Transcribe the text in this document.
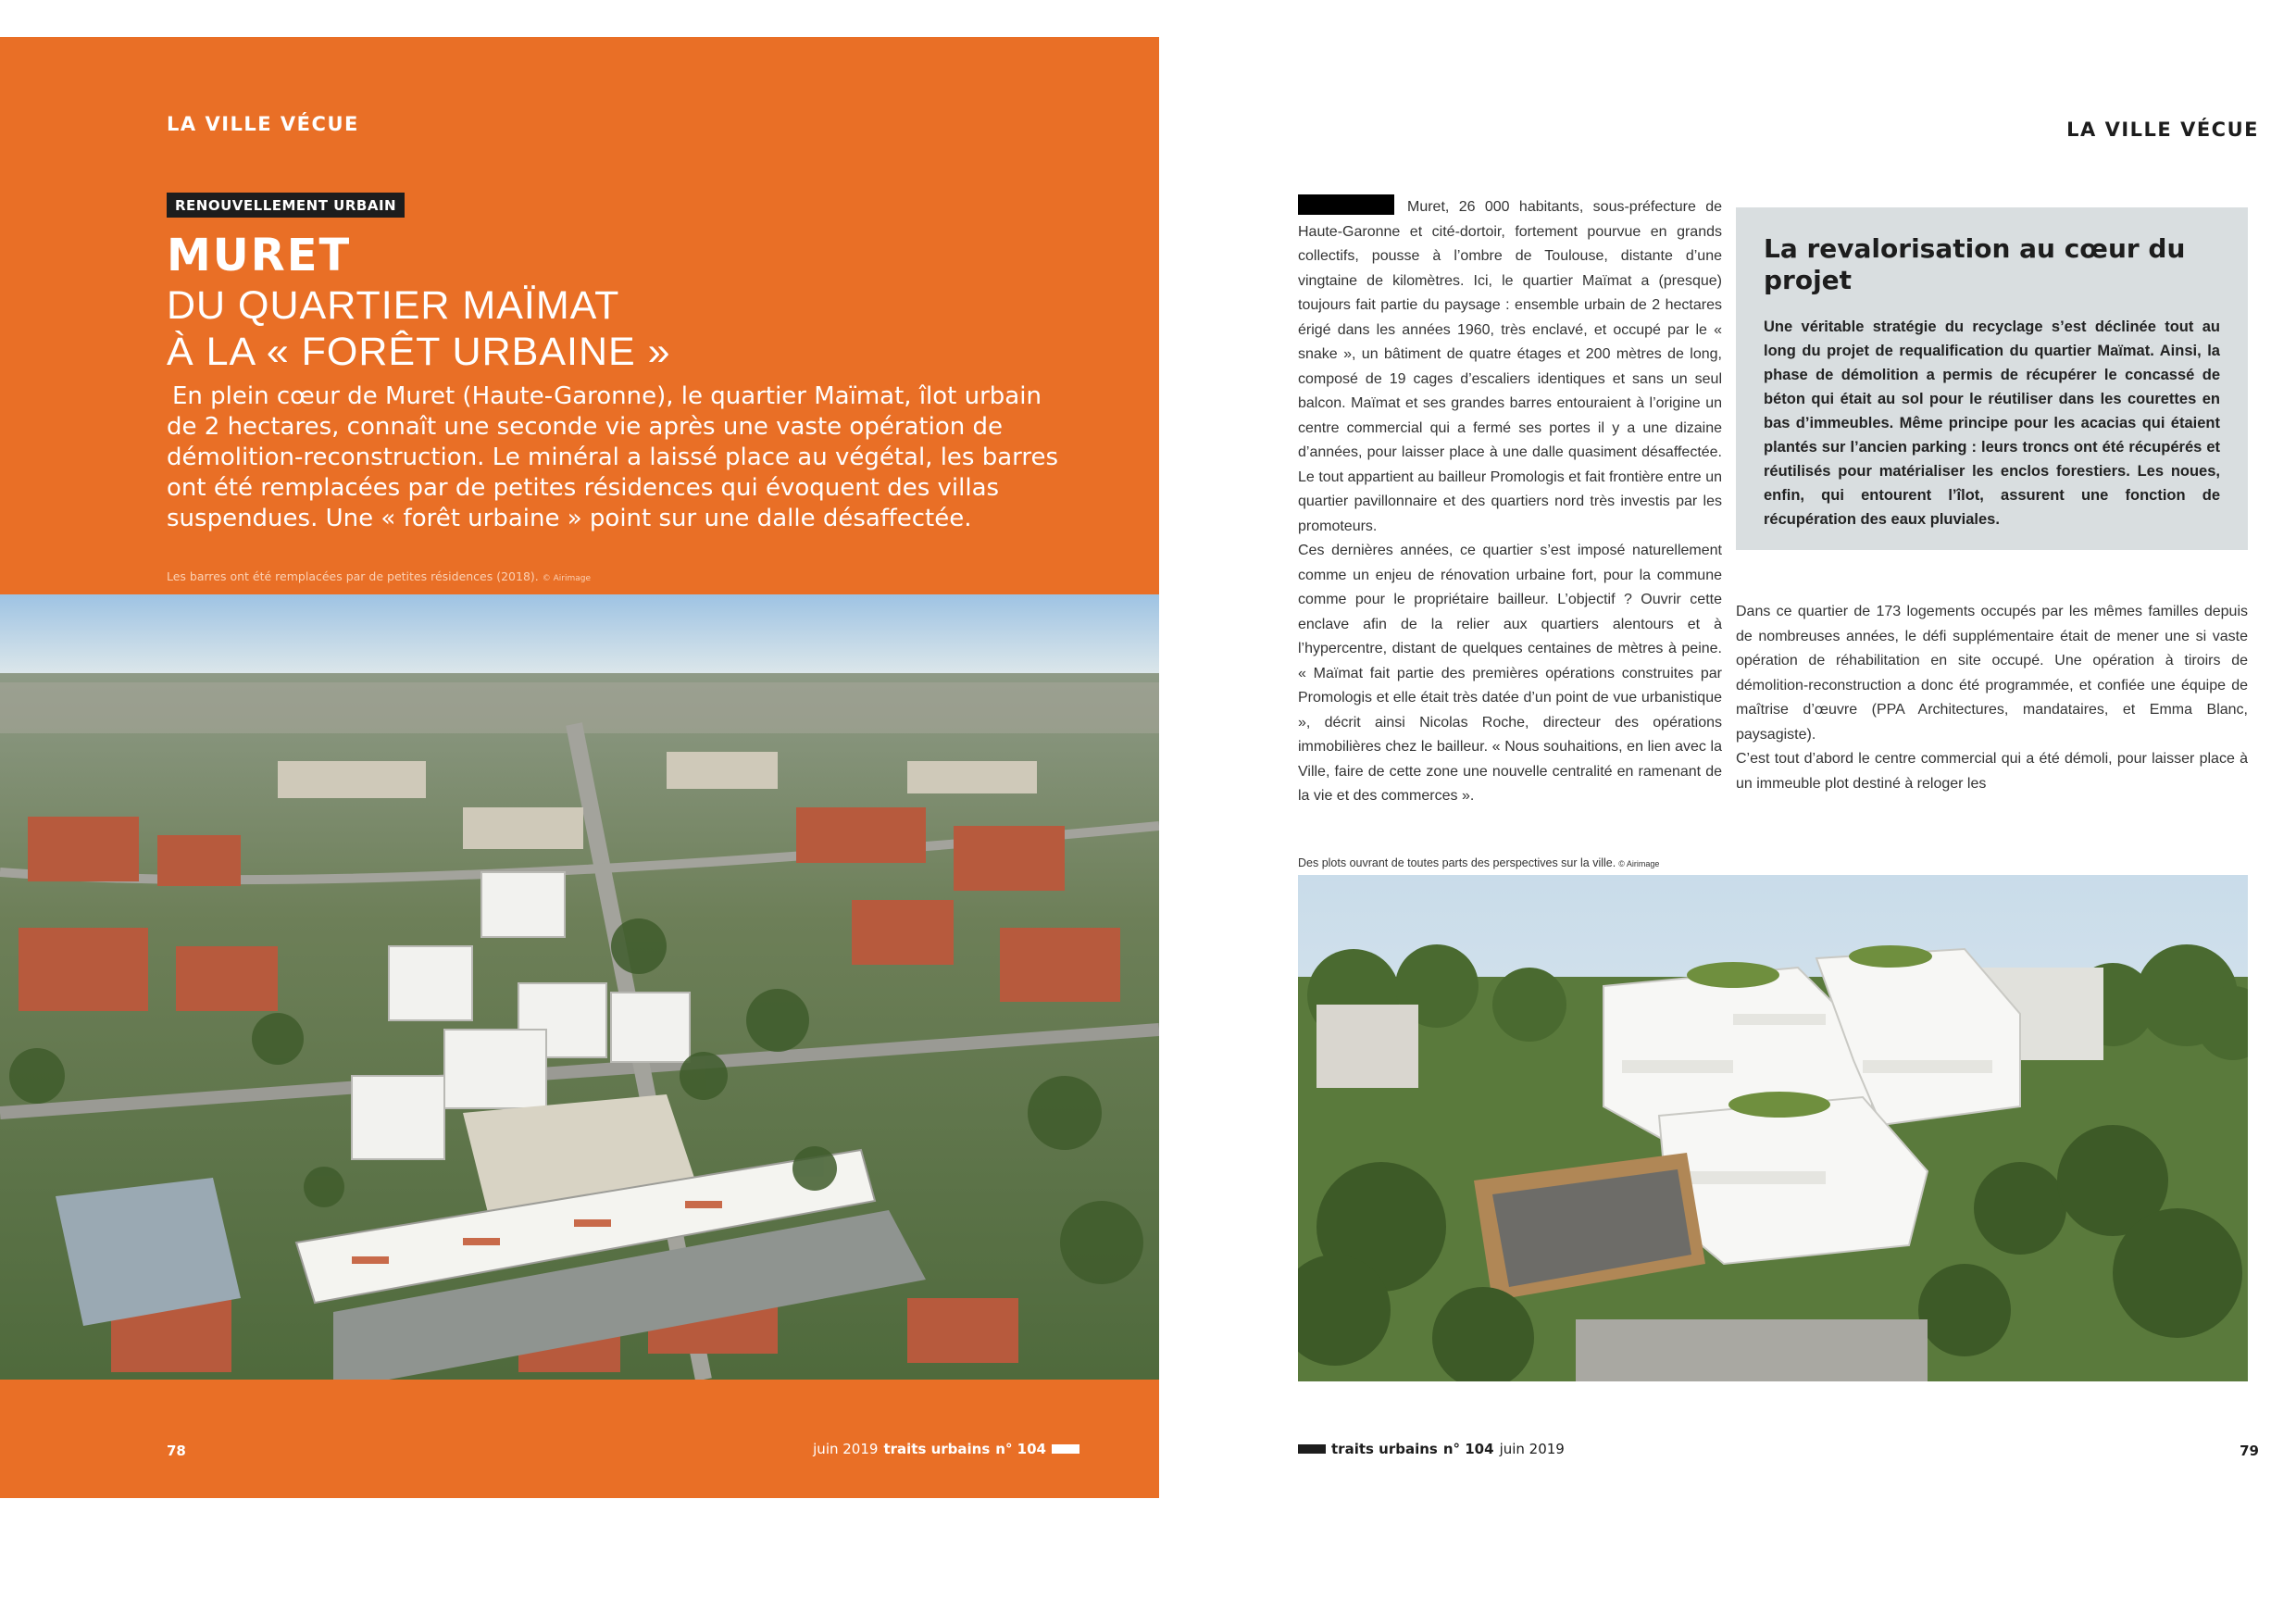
LA VILLE VÉCUE
RENOUVELLEMENT URBAIN
MURET
DU QUARTIER MAÏMAT
À LA « FORÊT URBAINE »

En plein cœur de Muret (Haute-Garonne), le quartier Maïmat, îlot urbain

de 2 hectares, connaît une seconde vie après une vaste opération de

démolition-reconstruction. Le minéral a laissé place au végétal, les barres

ont été remplacées par de petites résidences qui évoquent des villas

suspendues. Une « forêt urbaine » point sur une dalle désaffectée.

Les barres ont été remplacées par de petites résidences (2018). © Airimage
78	juin 2019 traits urbains n° 104
LA VILLE VÉCUE

Muret, 26 000 habitants, sous-préfecture de Haute-Garonne et cité-dortoir, fortement pourvue en grands collectifs, pousse à l’ombre de Toulouse, distante d’une vingtaine de kilomètres. Ici, le quartier Maïmat a (presque) toujours fait partie du paysage : ensemble urbain de 2 hectares érigé dans les années 1960, très enclavé, et occupé par le « snake », un bâtiment de quatre étages et 200 mètres de long, composé de 19 cages d’escaliers identiques et sans un seul balcon. Maïmat et ses grandes barres entouraient à l’origine un centre commercial qui a fermé ses portes il y a une dizaine d’années, pour laisser place à une dalle quasiment désaffectée. Le tout appartient au bailleur Promologis et fait frontière entre un quartier pavillonnaire et des quartiers nord très investis par les promoteurs.

Ces dernières années, ce quartier s’est imposé naturellement comme un enjeu de rénovation urbaine fort, pour la commune comme pour le propriétaire bailleur. L’objectif ? Ouvrir cette enclave afin de la relier aux quartiers alentours et à l’hypercentre, distant de quelques centaines de mètres à peine. « Maïmat fait partie des premières opérations construites par Promologis et elle était très datée d’un point de vue urbanistique », décrit ainsi Nicolas Roche, directeur des opérations immobilières chez le bailleur. « Nous souhaitions, en lien avec la Ville, faire de cette zone une nouvelle centralité en ramenant de la vie et des commerces ».

La revalorisation au cœur du projet
Une véritable stratégie du recyclage s’est déclinée tout au long du projet de requalification du quartier Maïmat. Ainsi, la phase de démolition a permis de récupérer le concassé de béton qui était au sol pour le réutiliser dans les courettes en bas d’immeubles. Même principe pour les acacias qui étaient plantés sur l’ancien parking : leurs troncs ont été récupérés et réutilisés pour matérialiser les enclos forestiers. Les noues, enfin, qui entourent l’îlot, assurent une fonction de récupération des eaux pluviales.

Dans ce quartier de 173 logements occupés par les mêmes familles depuis de nombreuses années, le défi supplémentaire était de mener une si vaste opération de réhabilitation en site occupé. Une opération à tiroirs de démolition-reconstruction a donc été programmée, et confiée une équipe de maîtrise d’œuvre (PPA Architectures, mandataires, et Emma Blanc, paysagiste).

C’est tout d’abord le centre commercial qui a été démoli, pour laisser place à un immeuble plot destiné à reloger les

Des plots ouvrant de toutes parts des perspectives sur la ville. © Airimage
traits urbains n° 104 juin 2019	79
